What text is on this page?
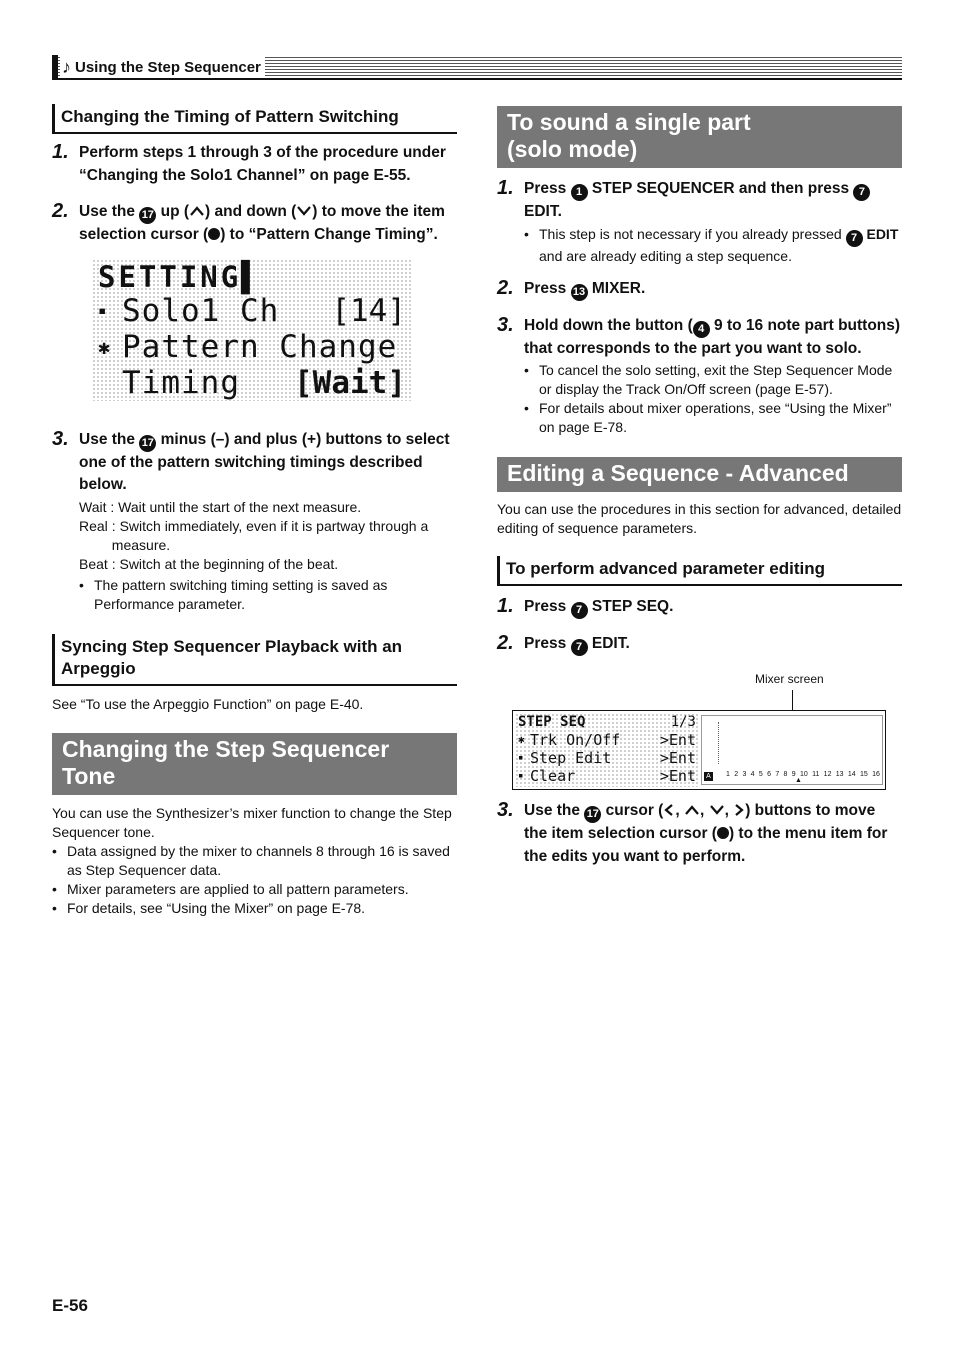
♪ Using the Step Sequencer
Changing the Timing of Pattern Switching
1. Perform steps 1 through 3 of the procedure under “Changing the Solo1 Channel” on page E-55.
2. Use the 17 up ( ) and down ( ) to move the item selection cursor ( ) to “Pattern Change Timing”.
SETTING▌
▪ Solo1 Ch	[14]
✱ Pattern Change
Timing	[Wait]
3. Use the 17 minus (–) and plus (+) buttons to select one of the pattern switching timings described below.
Wait : Wait until the start of the next measure.
Real : Switch immediately, even if it is partway through a measure.
Beat : Switch at the beginning of the beat.
• The pattern switching timing setting is saved as Performance parameter.
Syncing Step Sequencer Playback with an Arpeggio
See “To use the Arpeggio Function” on page E-40.
Changing the Step Sequencer Tone
You can use the Synthesizer’s mixer function to change the Step Sequencer tone.
• Data assigned by the mixer to channels 8 through 16 is saved as Step Sequencer data.
• Mixer parameters are applied to all pattern parameters.
• For details, see “Using the Mixer” on page E-78.
To sound a single part
(solo mode)
1. Press 1 STEP SEQUENCER and then press 7 EDIT.
• This step is not necessary if you already pressed 7 EDIT and are already editing a step sequence.
2. Press 13 MIXER.
3. Hold down the button ( 4 9 to 16 note part buttons) that corresponds to the part you want to solo.
• To cancel the solo setting, exit the Step Sequencer Mode or display the Track On/Off screen (page E-57).
• For details about mixer operations, see “Using the Mixer” on page E-78.
Editing a Sequence - Advanced
You can use the procedures in this section for advanced, detailed editing of sequence parameters.
To perform advanced parameter editing
1. Press 7 STEP SEQ.
2. Press 7 EDIT.
Mixer screen
STEP SEQ	1/3
✱ Trk On/Off	>Ent
▪ Step Edit	>Ent
▪ Clear	>Ent	A	1 2 3 4 5 6 7 8 9 10 11 12 13 14 15 16
▲
3. Use the 17 cursor ( , , , ) buttons to move the item selection cursor ( ) to the menu item for the edits you want to perform.
E-56
